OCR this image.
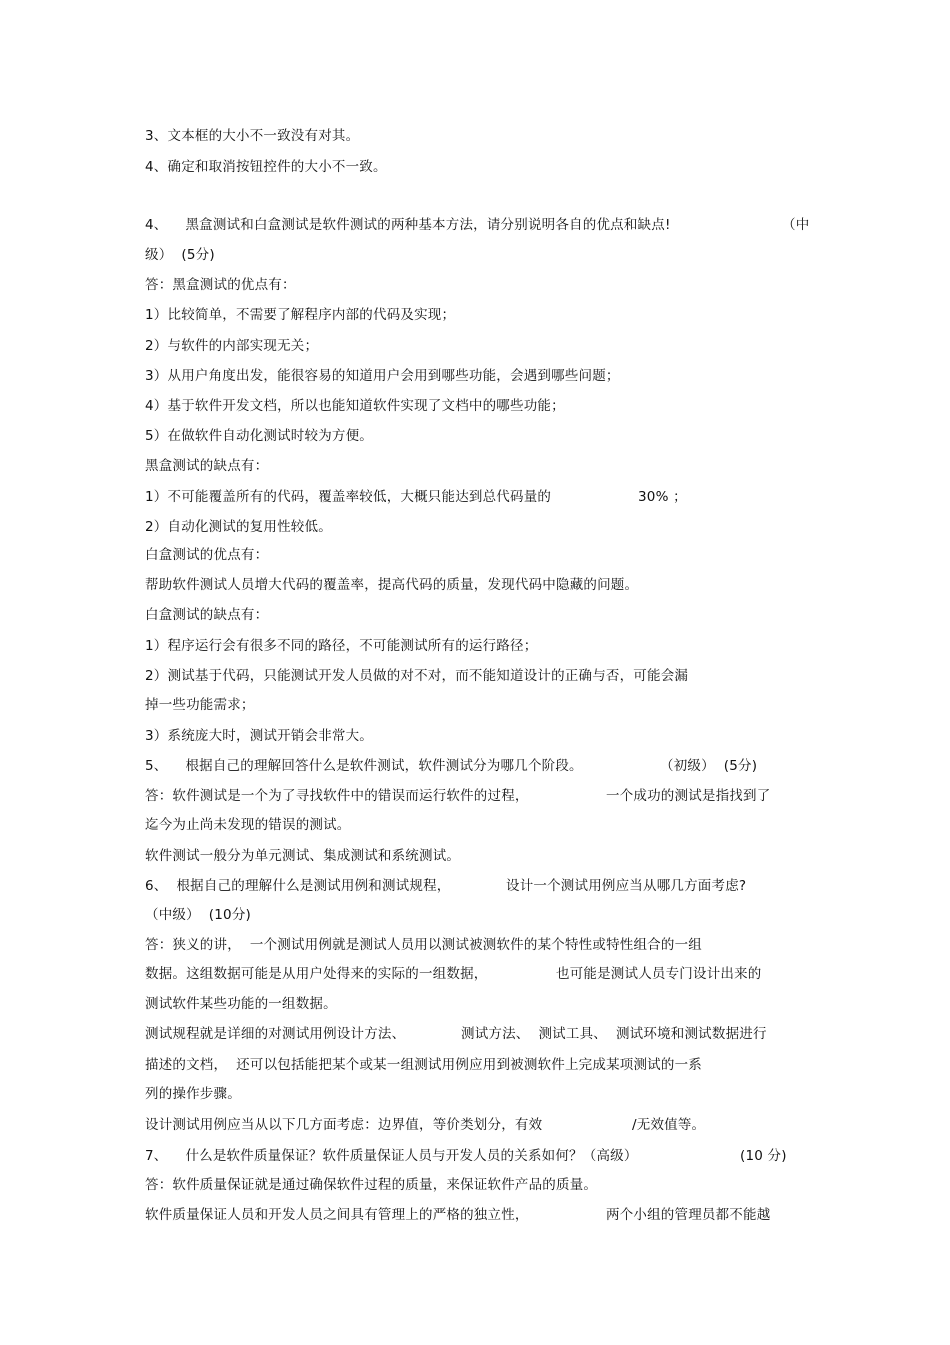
3、文本框的大小不一致没有对其。
4、确定和取消按钮控件的大小不一致。
4、    黑盒测试和白盒测试是软件测试的两种基本方法，请分别说明各自的优点和缺点!	（中
级）  (5分)
答：黑盒测试的优点有：
1）比较简单，不需要了解程序内部的代码及实现；
2）与软件的内部实现无关；
3）从用户角度出发，能很容易的知道用户会用到哪些功能，会遇到哪些问题；
4）基于软件开发文档，所以也能知道软件实现了文档中的哪些功能；
5）在做软件自动化测试时较为方便。
黑盒测试的缺点有：
1）不可能覆盖所有的代码，覆盖率较低，大概只能达到总代码量的	30% ；
2）自动化测试的复用性较低。
白盒测试的优点有：
帮助软件测试人员增大代码的覆盖率，提高代码的质量，发现代码中隐藏的问题。
白盒测试的缺点有：
1）程序运行会有很多不同的路径，不可能测试所有的运行路径；
2）测试基于代码，只能测试开发人员做的对不对，而不能知道设计的正确与否，可能会漏
掉一些功能需求；
3）系统庞大时，测试开销会非常大。
5、    根据自己的理解回答什么是软件测试，软件测试分为哪几个阶段。	（初级）  (5分)
答：软件测试是一个为了寻找软件中的错误而运行软件的过程，	一个成功的测试是指找到了
迄今为止尚未发现的错误的测试。
软件测试一般分为单元测试、集成测试和系统测试。
6、  根据自己的理解什么是测试用例和测试规程，	设计一个测试用例应当从哪几方面考虑?
（中级）  (10分)
答：狭义的讲，  一个测试用例就是测试人员用以测试被测软件的某个特性或特性组合的一组
数据。这组数据可能是从用户处得来的实际的一组数据，	也可能是测试人员专门设计出来的
测试软件某些功能的一组数据。
测试规程就是详细的对测试用例设计方法、	测试方法、  测试工具、  测试环境和测试数据进行
描述的文档，  还可以包括能把某个或某一组测试用例应用到被测软件上完成某项测试的一系
列的操作步骤。
设计测试用例应当从以下几方面考虑：边界值，等价类划分，有效	/无效值等。
7、    什么是软件质量保证？软件质量保证人员与开发人员的关系如何？（高级）	(10 分)
答：软件质量保证就是通过确保软件过程的质量，来保证软件产品的质量。
软件质量保证人员和开发人员之间具有管理上的严格的独立性，	两个小组的管理员都不能越
